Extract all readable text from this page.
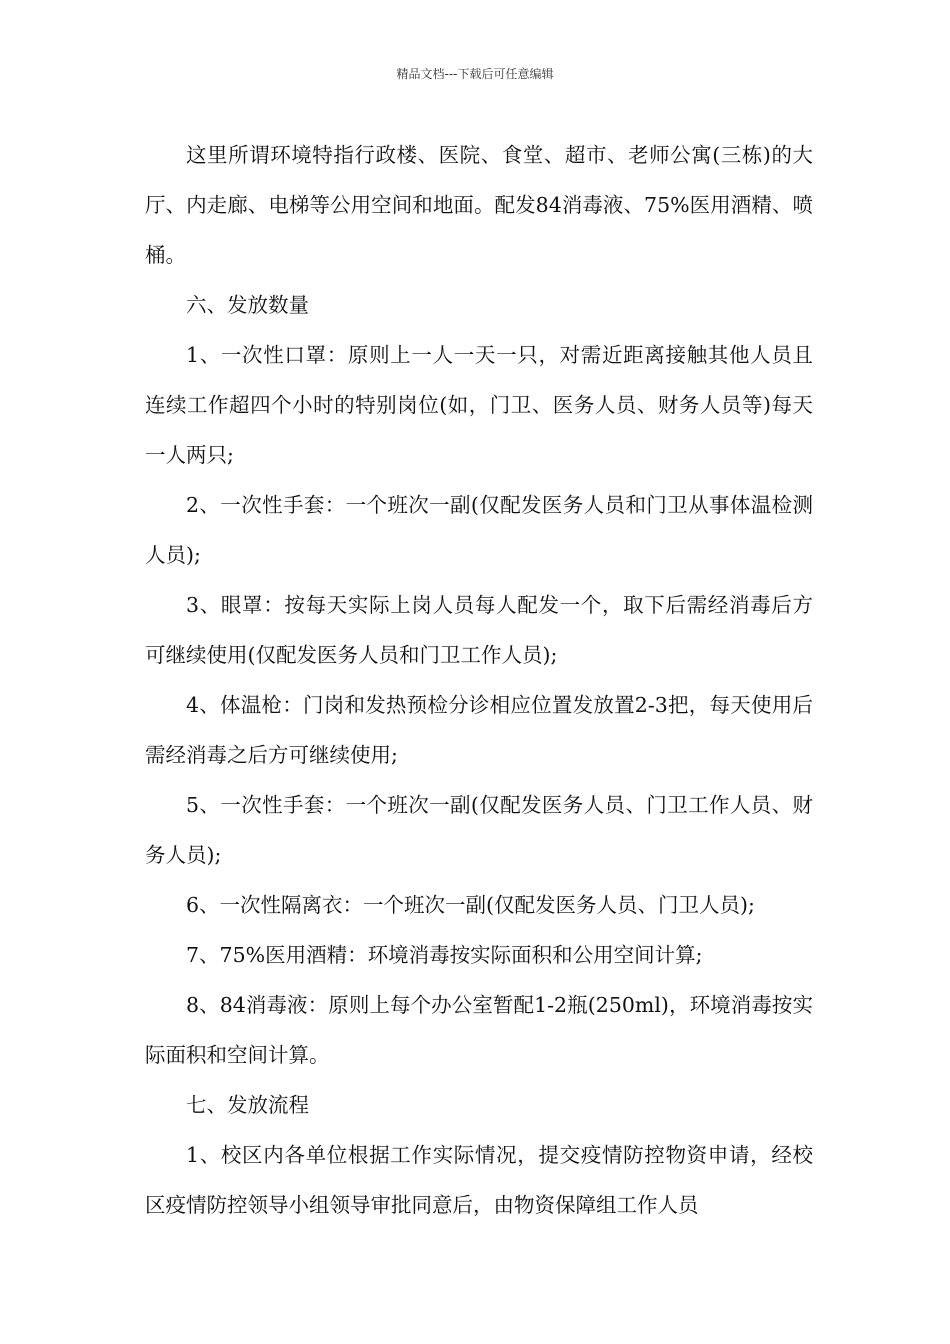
精品文档---下载后可任意编辑

这里所谓环境特指行政楼、医院、食堂、超市、老师公寓(三栋)的大厅、内走廊、电梯等公用空间和地面。配发84消毒液、75%医用酒精、喷桶。

六、发放数量

1、一次性口罩：原则上一人一天一只，对需近距离接触其他人员且连续工作超四个小时的特别岗位(如，门卫、医务人员、财务人员等)每天一人两只;

2、一次性手套：一个班次一副(仅配发医务人员和门卫从事体温检测人员);

3、眼罩：按每天实际上岗人员每人配发一个，取下后需经消毒后方可继续使用(仅配发医务人员和门卫工作人员);

4、体温枪：门岗和发热预检分诊相应位置发放置2-3把，每天使用后需经消毒之后方可继续使用;

5、一次性手套：一个班次一副(仅配发医务人员、门卫工作人员、财务人员);

6、一次性隔离衣：一个班次一副(仅配发医务人员、门卫人员);

7、75%医用酒精：环境消毒按实际面积和公用空间计算;

8、84消毒液：原则上每个办公室暂配1-2瓶(250ml)，环境消毒按实际面积和空间计算。

七、发放流程

1、校区内各单位根据工作实际情况，提交疫情防控物资申请，经校区疫情防控领导小组领导审批同意后，由物资保障组工作人员
